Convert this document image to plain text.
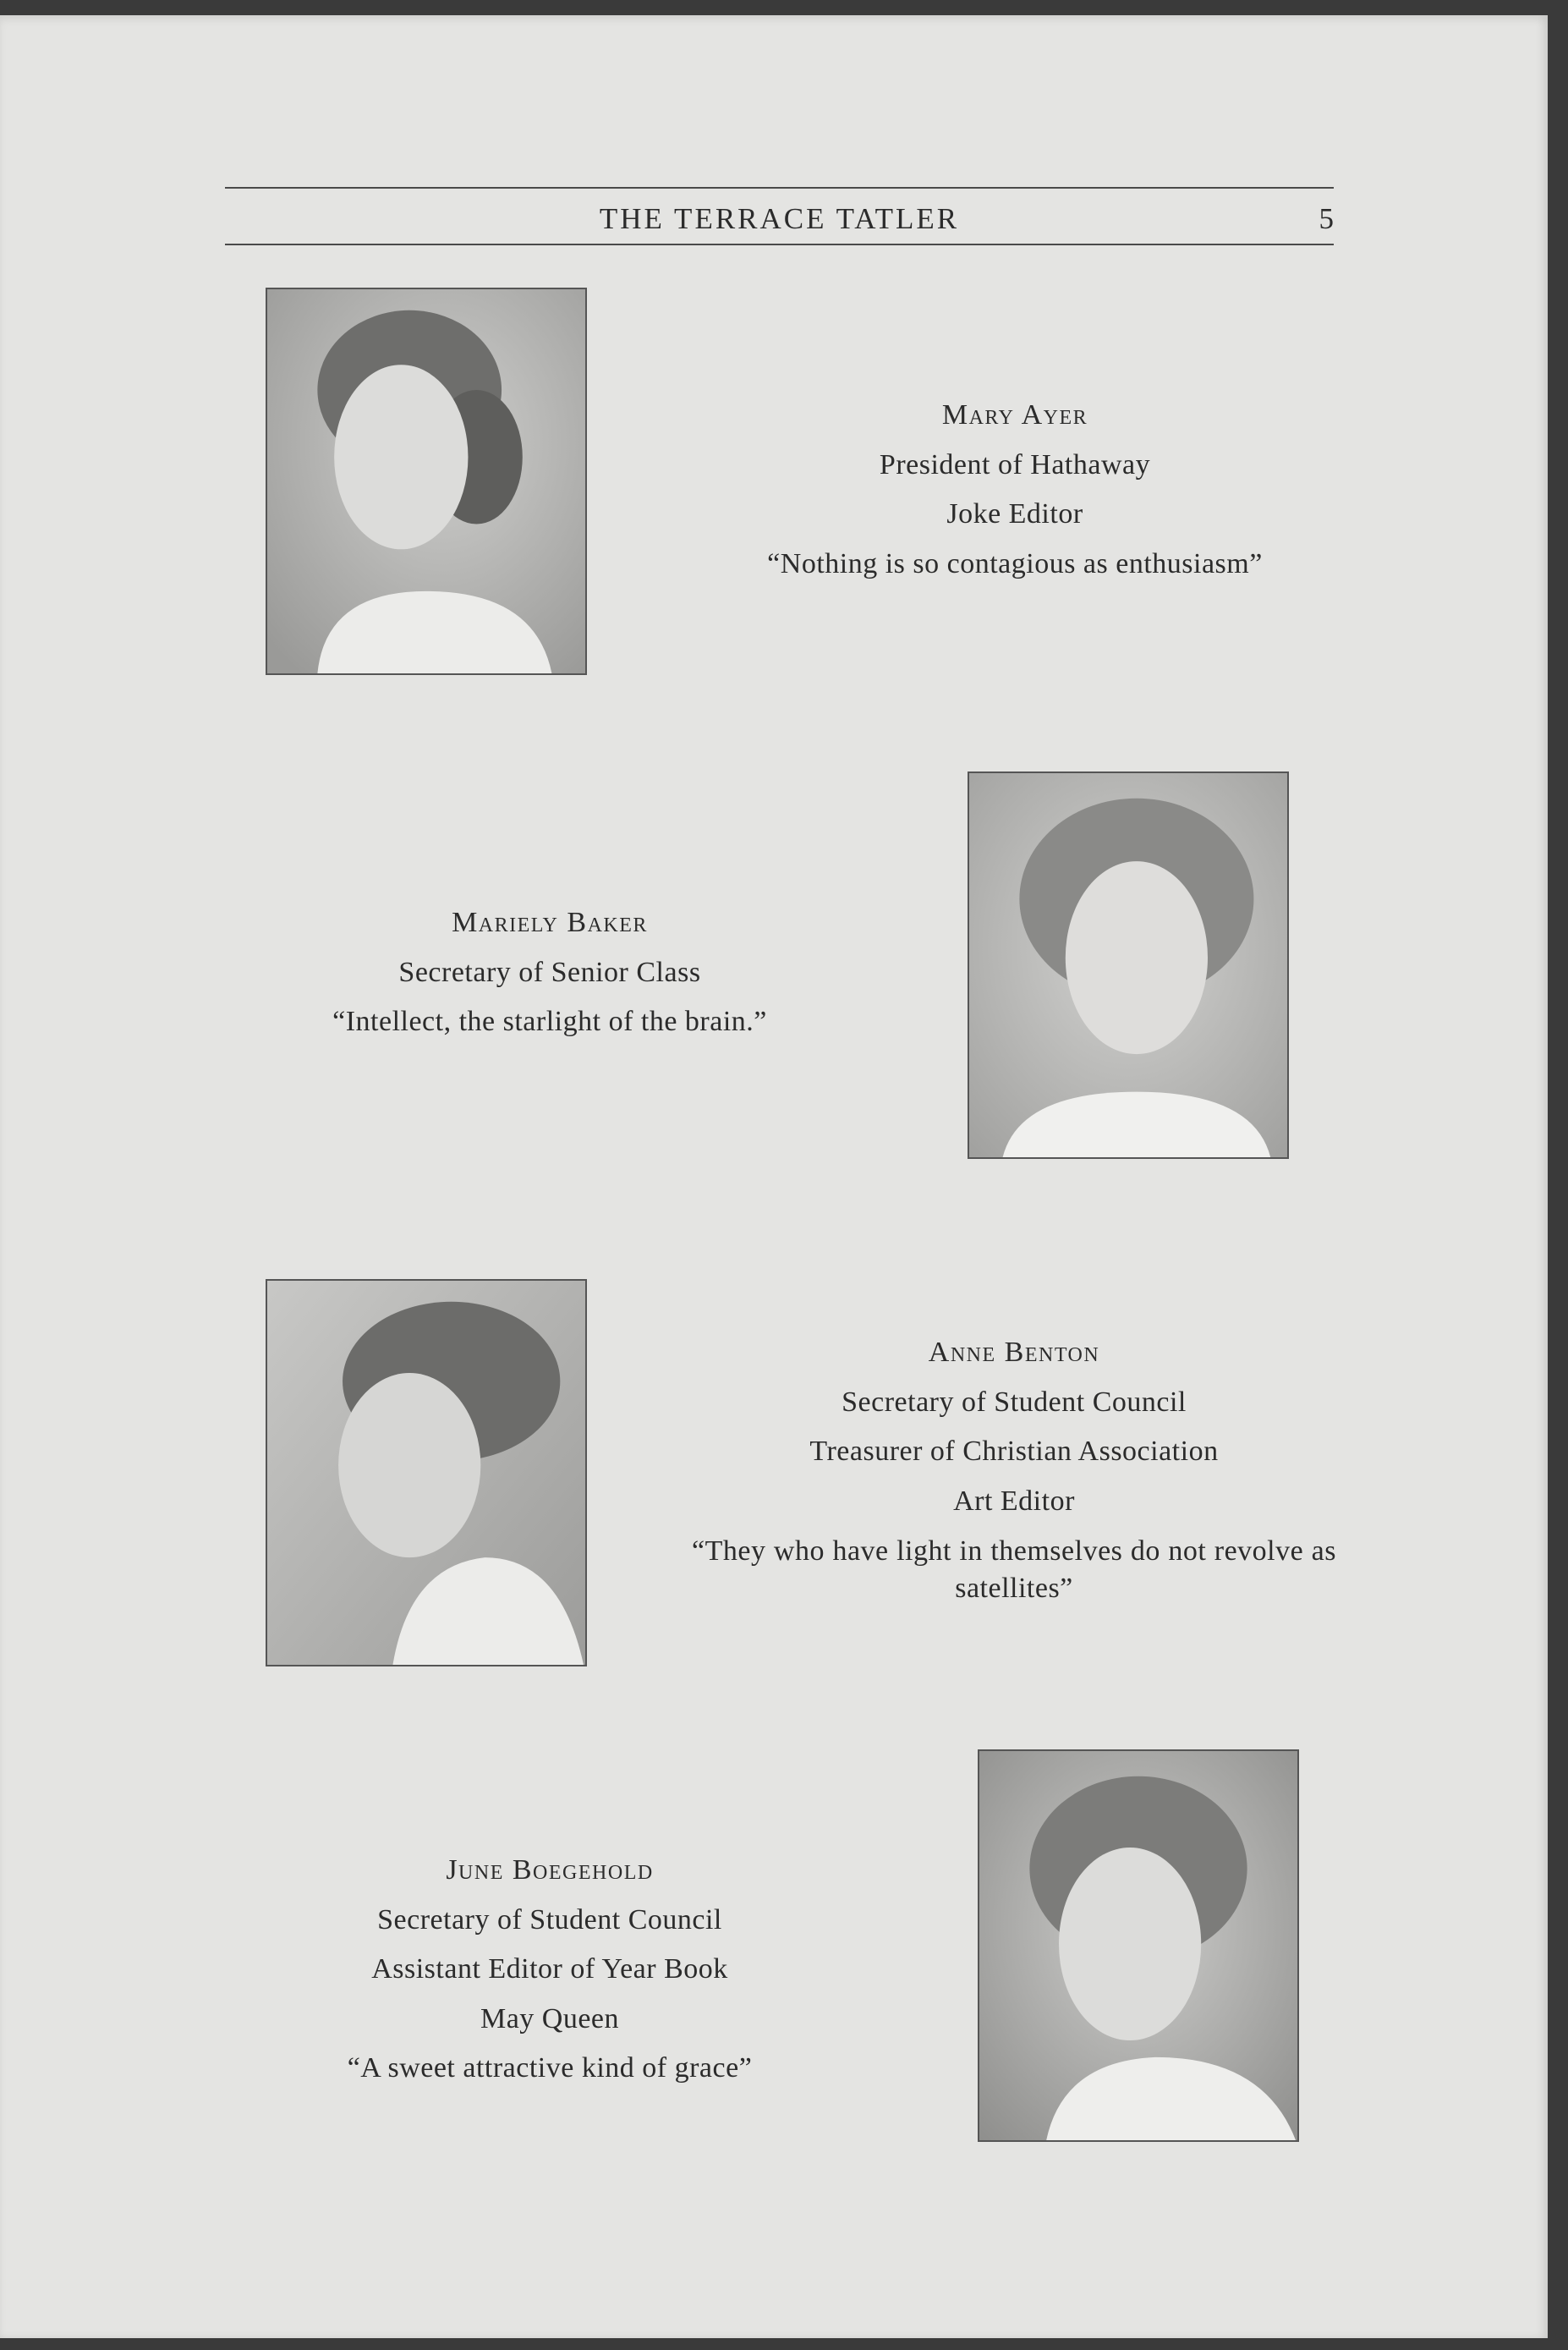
THE TERRACE TATLER	5
Mary Ayer
President of Hathaway
Joke Editor
“Nothing is so contagious as enthusiasm”
Mariely Baker
Secretary of Senior Class
“Intellect, the starlight of the brain.”
Anne Benton
Secretary of Student Council
Treasurer of Christian Association
Art Editor
“They who have light in themselves do not revolve as satellites”
June Boegehold
Secretary of Student Council
Assistant Editor of Year Book
May Queen
“A sweet attractive kind of grace”
